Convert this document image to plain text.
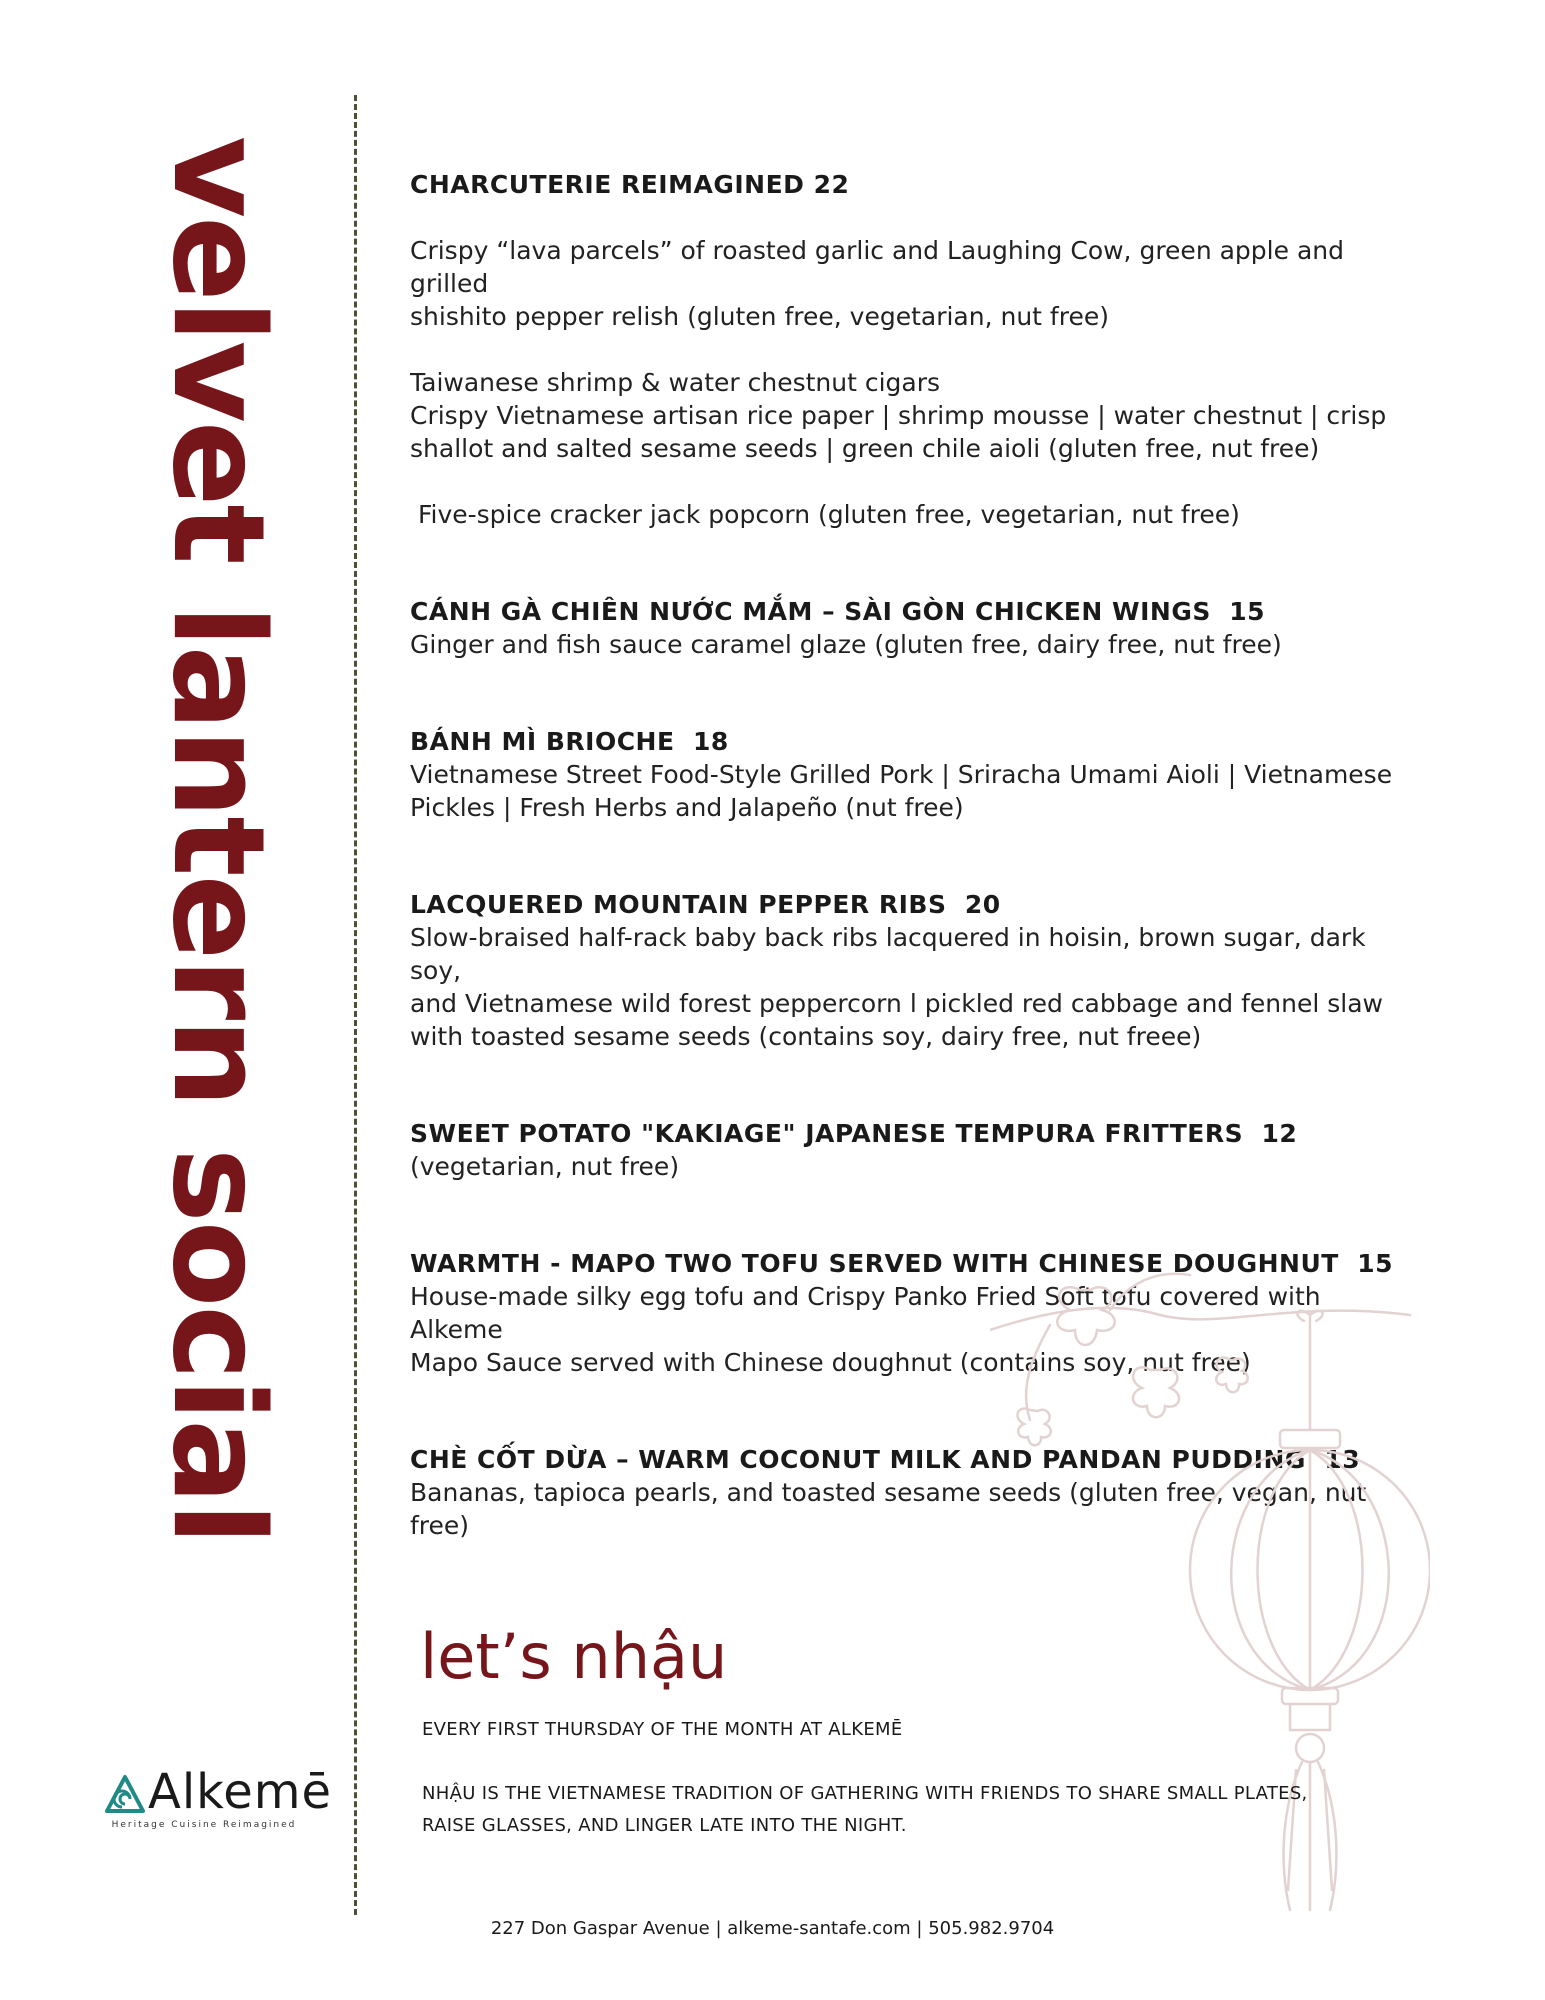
velvet lantern social
Alkemē
Heritage Cuisine Reimagined
CHARCUTERIE REIMAGINED 22
Crispy “lava parcels” of roasted garlic and Laughing Cow, green apple and grilled
shishito pepper relish (gluten free, vegetarian, nut free)
Taiwanese shrimp & water chestnut cigars
Crispy Vietnamese artisan rice paper | shrimp mousse | water chestnut | crisp
shallot and salted sesame seeds | green chile aioli (gluten free, nut free)
Five-spice cracker jack popcorn (gluten free, vegetarian, nut free)
CÁNH GÀ CHIÊN NƯỚC MẮM – SÀI GÒN CHICKEN WINGS  15
Ginger and fish sauce caramel glaze (gluten free, dairy free, nut free)
BÁNH MÌ BRIOCHE  18
Vietnamese Street Food-Style Grilled Pork | Sriracha Umami Aioli | Vietnamese
Pickles | Fresh Herbs and Jalapeño (nut free)
LACQUERED MOUNTAIN PEPPER RIBS  20
Slow-braised half-rack baby back ribs lacquered in hoisin, brown sugar, dark soy,
and Vietnamese wild forest peppercorn l pickled red cabbage and fennel slaw
with toasted sesame seeds (contains soy, dairy free, nut freee)
SWEET POTATO "KAKIAGE" JAPANESE TEMPURA FRITTERS  12
(vegetarian, nut free)
WARMTH - MAPO TWO TOFU SERVED WITH CHINESE DOUGHNUT  15
House-made silky egg tofu and Crispy Panko Fried Soft tofu covered with Alkeme
Mapo Sauce served with Chinese doughnut (contains soy, nut free)
CHÈ CỐT DỪA – WARM COCONUT MILK AND PANDAN PUDDING  13
Bananas, tapioca pearls, and toasted sesame seeds (gluten free, vegan, nut free)
let’s nhậu
EVERY FIRST THURSDAY OF THE MONTH AT ALKEMĒ
NHẬU IS THE VIETNAMESE TRADITION OF GATHERING WITH FRIENDS TO SHARE SMALL PLATES,
RAISE GLASSES, AND LINGER LATE INTO THE NIGHT.
227 Don Gaspar Avenue | alkeme-santafe.com | 505.982.9704
